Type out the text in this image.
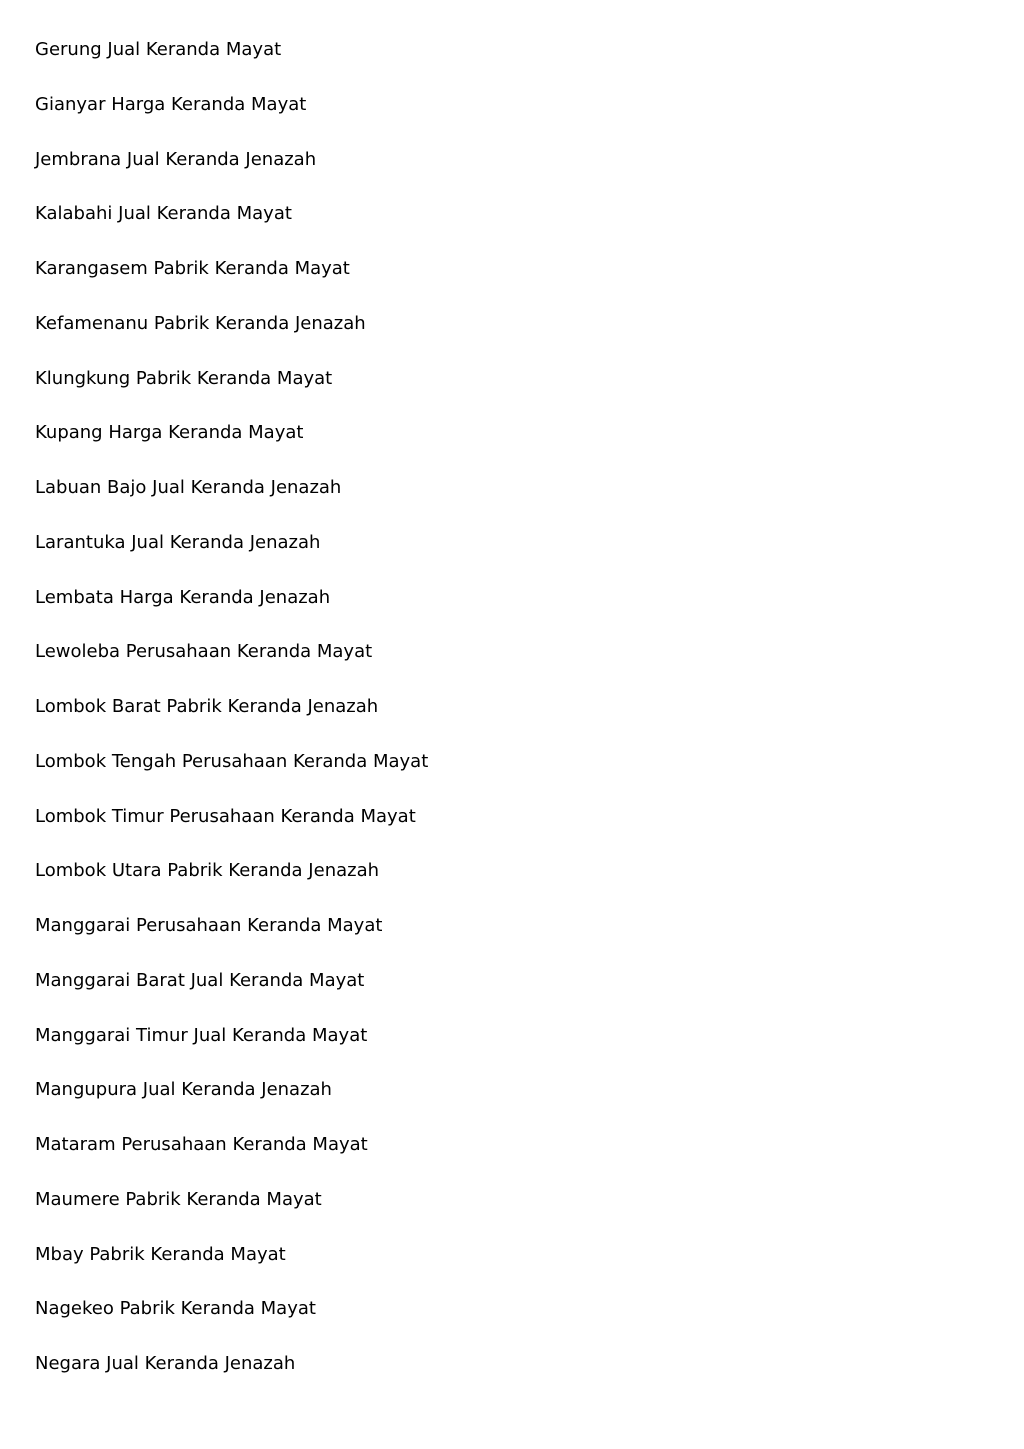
Gerung Jual Keranda Mayat
Gianyar Harga Keranda Mayat
Jembrana Jual Keranda Jenazah
Kalabahi Jual Keranda Mayat
Karangasem Pabrik Keranda Mayat
Kefamenanu Pabrik Keranda Jenazah
Klungkung Pabrik Keranda Mayat
Kupang Harga Keranda Mayat
Labuan Bajo Jual Keranda Jenazah
Larantuka Jual Keranda Jenazah
Lembata Harga Keranda Jenazah
Lewoleba Perusahaan Keranda Mayat
Lombok Barat Pabrik Keranda Jenazah
Lombok Tengah Perusahaan Keranda Mayat
Lombok Timur Perusahaan Keranda Mayat
Lombok Utara Pabrik Keranda Jenazah
Manggarai Perusahaan Keranda Mayat
Manggarai Barat Jual Keranda Mayat
Manggarai Timur Jual Keranda Mayat
Mangupura Jual Keranda Jenazah
Mataram Perusahaan Keranda Mayat
Maumere Pabrik Keranda Mayat
Mbay Pabrik Keranda Mayat
Nagekeo Pabrik Keranda Mayat
Negara Jual Keranda Jenazah
